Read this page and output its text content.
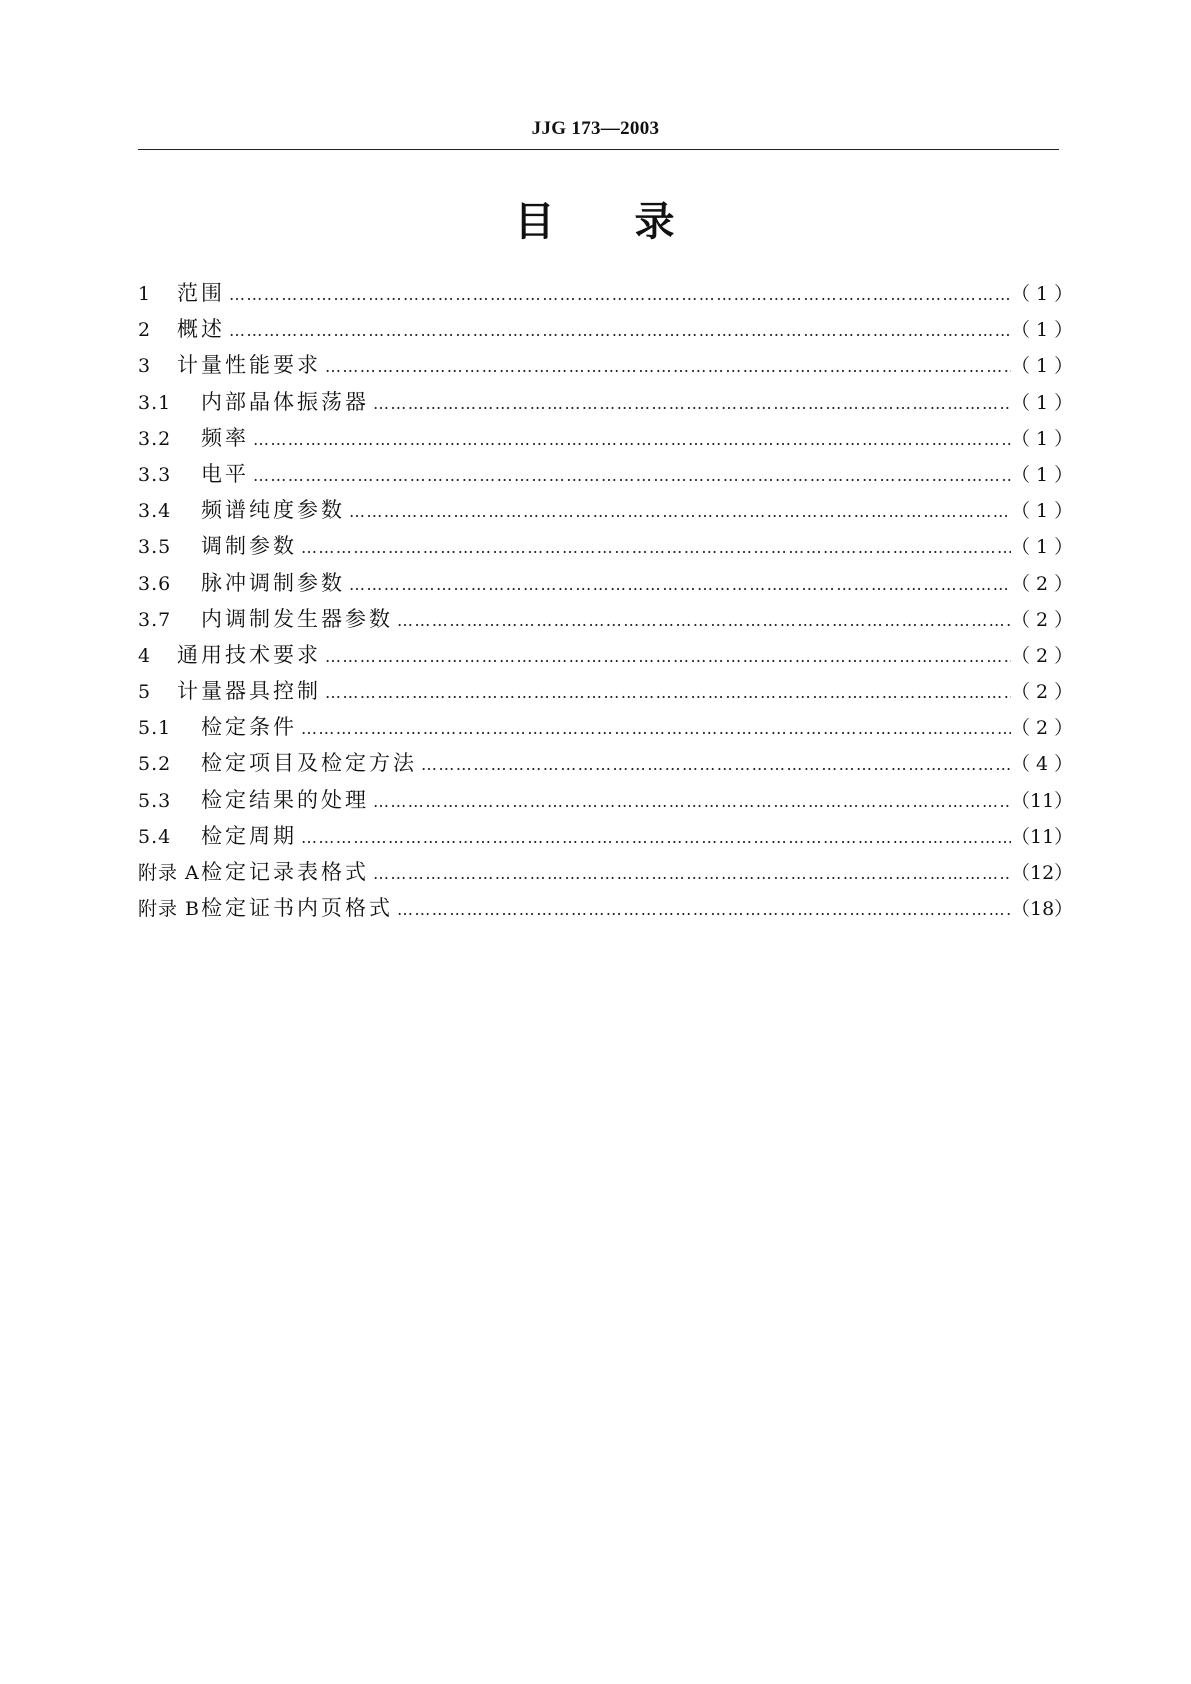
JJG 173—2003
目 录
1	范围 ……………………………………………………………………………………………………………………………………………………………………………………………………………………	（ 1 ）
2	概述 ……………………………………………………………………………………………………………………………………………………………………………………………………………………	（ 1 ）
3	计量性能要求 ……………………………………………………………………………………………………………………………………………………………………………………………………………………	（ 1 ）
3.1	内部晶体振荡器 ……………………………………………………………………………………………………………………………………………………………………………………………………………………	（ 1 ）
3.2	频率 ……………………………………………………………………………………………………………………………………………………………………………………………………………………	（ 1 ）
3.3	电平 ……………………………………………………………………………………………………………………………………………………………………………………………………………………	（ 1 ）
3.4	频谱纯度参数 ……………………………………………………………………………………………………………………………………………………………………………………………………………………	（ 1 ）
3.5	调制参数 ……………………………………………………………………………………………………………………………………………………………………………………………………………………	（ 1 ）
3.6	脉冲调制参数 ……………………………………………………………………………………………………………………………………………………………………………………………………………………	（ 2 ）
3.7	内调制发生器参数 ……………………………………………………………………………………………………………………………………………………………………………………………………………………	（ 2 ）
4	通用技术要求 ……………………………………………………………………………………………………………………………………………………………………………………………………………………	（ 2 ）
5	计量器具控制 ……………………………………………………………………………………………………………………………………………………………………………………………………………………	（ 2 ）
5.1	检定条件 ……………………………………………………………………………………………………………………………………………………………………………………………………………………	（ 2 ）
5.2	检定项目及检定方法 ……………………………………………………………………………………………………………………………………………………………………………………………………………………	（ 4 ）
5.3	检定结果的处理 ……………………………………………………………………………………………………………………………………………………………………………………………………………………	（11）
5.4	检定周期 ……………………………………………………………………………………………………………………………………………………………………………………………………………………	（11）
附录 A 检定记录表格式 ……………………………………………………………………………………………………………………………………………………………………………………………………………………	（12）
附录 B 检定证书内页格式 ……………………………………………………………………………………………………………………………………………………………………………………………………………………	（18）
